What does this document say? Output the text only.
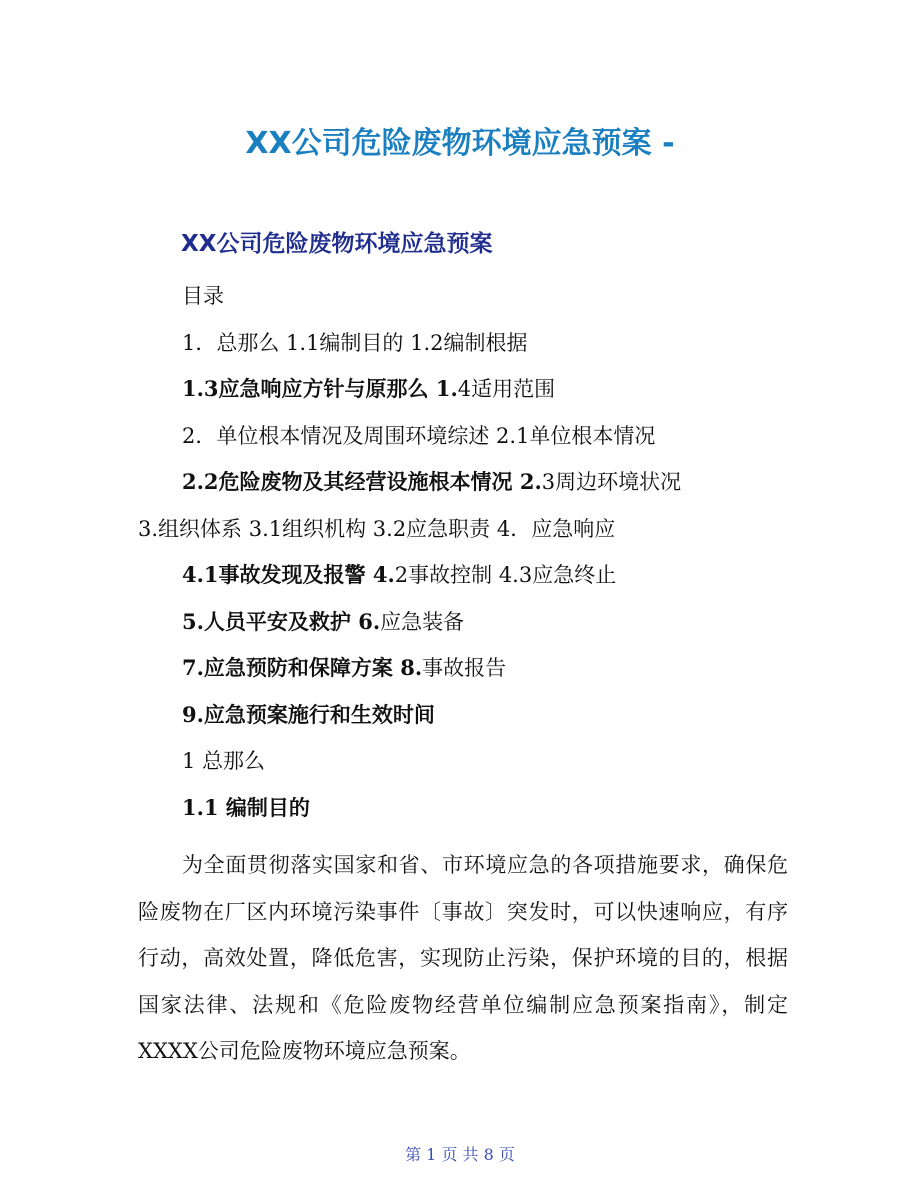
XX公司危险废物环境应急预案 -
XX公司危险废物环境应急预案
目录
1．总那么 1.1编制目的 1.2编制根据
1.3应急响应方针与原那么 1.4适用范围
2．单位根本情况及周围环境综述 2.1单位根本情况
2.2危险废物及其经营设施根本情况 2.3周边环境状况
3.组织体系 3.1组织机构 3.2应急职责 4．应急响应
4.1事故发现及报警 4.2事故控制 4.3应急终止
5.人员平安及救护 6.应急装备
7.应急预防和保障方案 8.事故报告
9.应急预案施行和生效时间
1 总那么
1.1 编制目的
为全面贯彻落实国家和省、市环境应急的各项措施要求，确保危险废物在厂区内环境污染事件〔事故〕突发时，可以快速响应，有序行动，高效处置，降低危害，实现防止污染，保护环境的目的，根据国家法律、法规和《危险废物经营单位编制应急预案指南》，制定XXXX公司危险废物环境应急预案。
第 1 页 共 8 页
